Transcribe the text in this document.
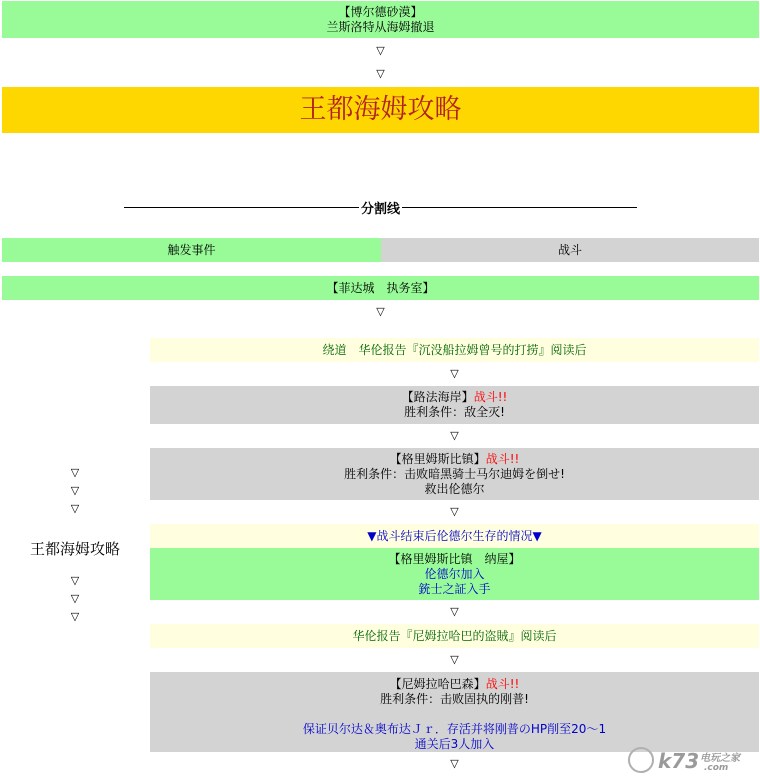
【博尔德砂漠】
兰斯洛特从海姆撤退
▽
▽
王都海姆攻略
分割线
触发事件	战斗
【菲达城　执务室】
▽
▽
▽
▽
王都海姆攻略
▽
▽
▽
绕道　华伦报告『沉没船拉姆曾号的打捞』阅读后
▽
【路法海岸】战斗!!
胜利条件：敌全灭!
▽
【格里姆斯比镇】战斗!!
胜利条件：击败暗黑骑士马尔迪姆を倒せ!
救出伦德尔
▽
▼战斗结束后伦德尔生存的情况▼
【格里姆斯比镇　纳屋】
伦德尔加入
銃士之証入手
▽
华伦报告『尼姆拉哈巴的盗賊』阅读后
▽
【尼姆拉哈巴森】战斗!!
胜利条件：击败固执的刚普!
保证贝尔达＆奥布达Ｊｒ．存活并将刚普のHP削至20～1
通关后3人加入
▽	k73 电玩之家
.com
